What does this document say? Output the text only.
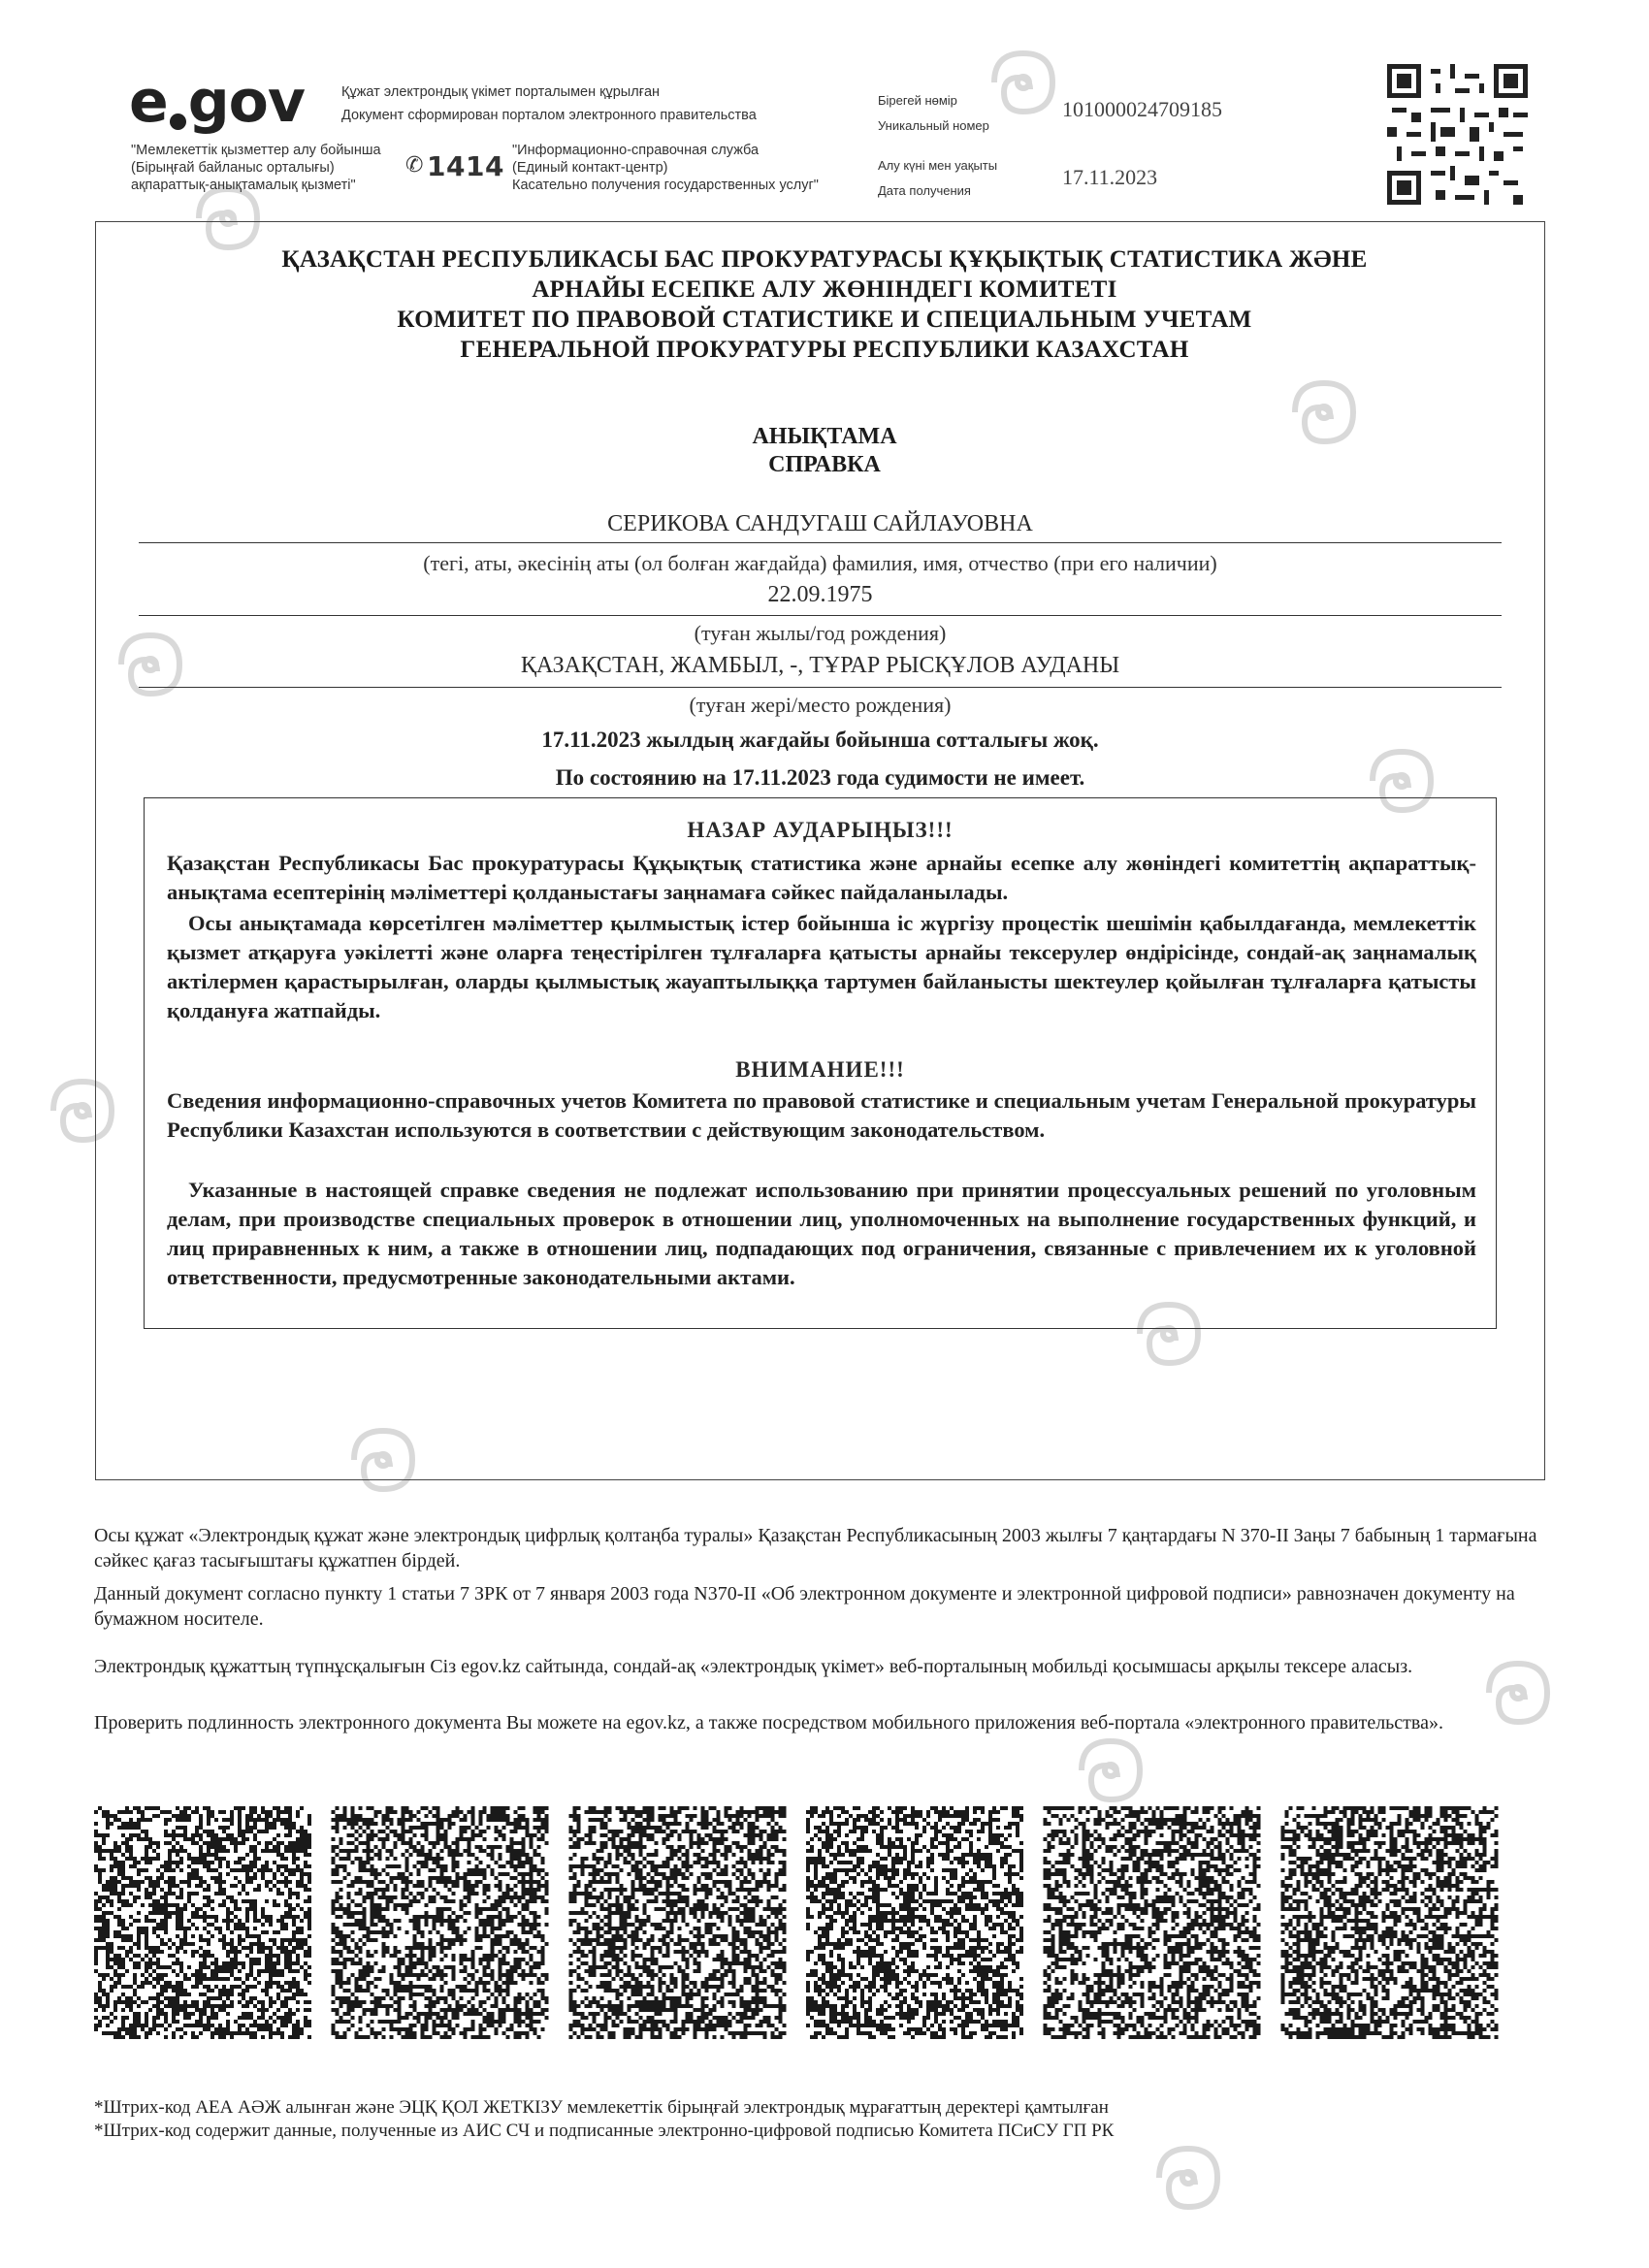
e gov
"Мемлекеттік қызметтер алу бойынша
(Бірыңғай байланыс орталығы)
ақпараттық-анықтамалық қызметі"
Құжат электрондық үкімет порталымен құрылған
Документ сформирован порталом электронного правительства
✆ 1414 "Информационно-справочная служба
(Единый контакт-центр)
Касательно получения государственных услуг"
Бірегей нөмір
Уникальный номер
10100002470918​5
Алу күні мен уақыты
Дата получения
17.11.2023
ҚАЗАҚСТАН РЕСПУБЛИКАСЫ БАС ПРОКУРАТУРАСЫ ҚҰҚЫҚТЫҚ СТАТИСТИКА ЖӘНЕ
АРНАЙЫ ЕСЕПКЕ АЛУ ЖӨНІНДЕГІ КОМИТЕТІ
КОМИТЕТ ПО ПРАВОВОЙ СТАТИСТИКЕ И СПЕЦИАЛЬНЫМ УЧЕТАМ
ГЕНЕРАЛЬНОЙ ПРОКУРАТУРЫ РЕСПУБЛИКИ КАЗАХСТАН
АНЫҚТАМА
СПРАВКА
СЕРИКОВА САНДУГАШ САЙЛАУОВНА
(тегі, аты, әкесінің аты (ол болған жағдайда) фамилия, имя, отчество (при его наличии)
22.09.1975
(туған жылы/год рождения)
ҚАЗАҚСТАН, ЖАМБЫЛ, -, ТҰРАР РЫСҚҰЛОВ АУДАНЫ
(туған жері/место рождения)
17.11.2023 жылдың жағдайы бойынша сотталығы жоқ.
По состоянию на 17.11.2023 года судимости не имеет.
НАЗАР АУДАРЫҢЫЗ!!!
Қазақстан Республикасы Бас прокуратурасы Құқықтық статистика және арнайы есепке алу жөніндегі комитеттің ақпараттық-анықтама есептерінің мәліметтері қолданыстағы заңнамаға сәйкес пайдаланылады.
Осы анықтамада көрсетілген мәліметтер қылмыстық істер бойынша іс жүргізу процестік шешімін қабылдағанда, мемлекеттік қызмет атқаруға уәкілетті және оларға теңестірілген тұлғаларға қатысты арнайы тексерулер өндірісінде, сондай-ақ заңнамалық актілермен қарастырылған, оларды қылмыстық жауаптылыққа тартумен байланысты шектеулер қойылған тұлғаларға қатысты қолдануға жатпайды.
ВНИМАНИЕ!!!
Сведения информационно-справочных учетов Комитета по правовой статистике и специальным учетам Генеральной прокуратуры Республики Казахстан используются в соответствии с действующим законодательством.
Указанные в настоящей справке сведения не подлежат использованию при принятии процессуальных решений по уголовным делам, при производстве специальных проверок в отношении лиц, уполномоченных на выполнение государственных функций, и лиц приравненных к ним, а также в отношении лиц, подпадающих под ограничения, связанные с привлечением их к уголовной ответственности, предусмотренные законодательными актами.
Осы құжат «Электрондық құжат және электрондық цифрлық қолтаңба туралы» Қазақстан Республикасының 2003 жылғы 7 қаңтардағы N 370-II Заңы 7 бабының 1 тармағына сәйкес қағаз тасығыштағы құжатпен бірдей.
Данный документ согласно пункту 1 статьи 7 ЗРК от 7 января 2003 года N370-II «Об электронном документе и электронной цифровой подписи» равнозначен документу на бумажном носителе.
Электрондық құжаттың түпнұсқалығын Сіз egov.kz сайтында, сондай-ақ «электрондық үкімет» веб-порталының мобильді қосымшасы арқылы тексере аласыз.
Проверить подлинность электронного документа Вы можете на egov.kz, а также посредством мобильного приложения веб-портала «электронного правительства».
*Штрих-код АЕА АӘЖ алынған және ЭЦҚ ҚОЛ ЖЕТКІЗУ мемлекеттік бірыңғай электрондық мұрағаттың деректері қамтылған
*Штрих-код содержит данные, полученные из АИС СЧ и подписанные электронно-цифровой подписью Комитета ПСиСУ ГП РК
